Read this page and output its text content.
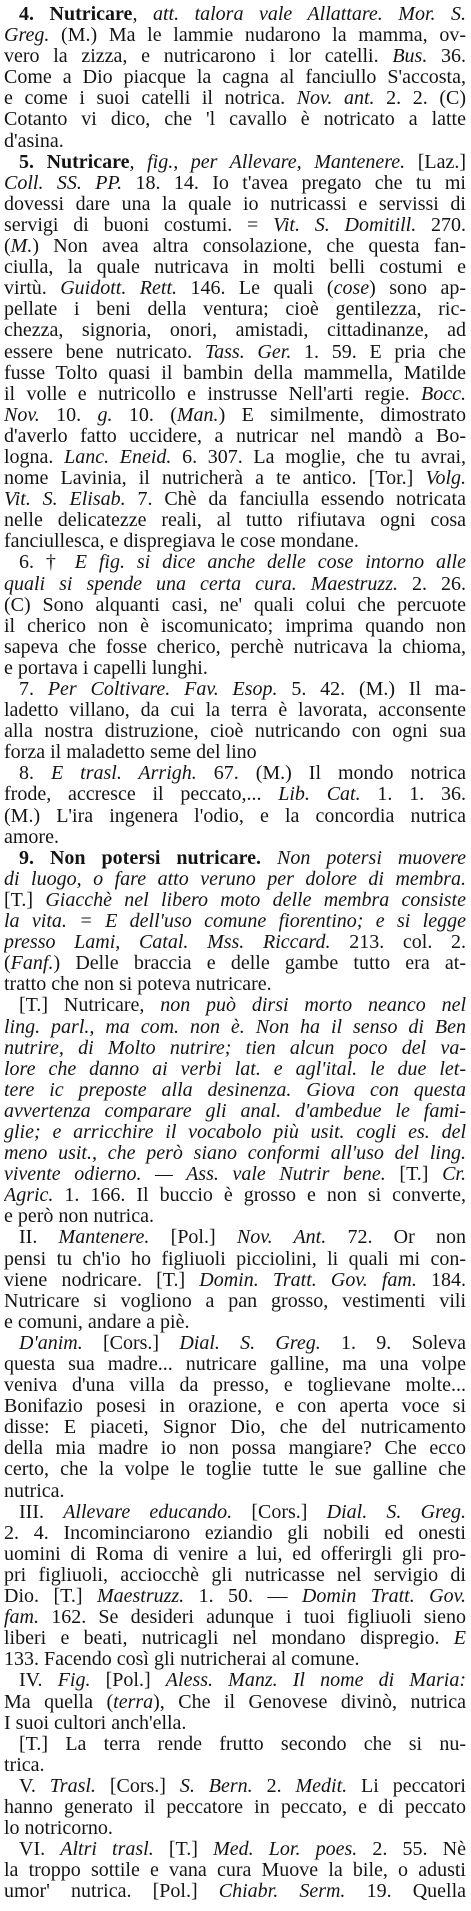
4. Nutricare, att. talora vale Allattare. Mor. S.
Greg. (M.) Ma le lammie nudarono la mamma, ov-
vero la zizza, e nutricarono i lor catelli. Bus. 36.
Come a Dio piacque la cagna al fanciullo S'accosta,
e come i suoi catelli il notrica. Nov. ant. 2. 2. (C)
Cotanto vi dico, che 'l cavallo è notricato a latte
d'asina.
5. Nutricare, fig., per Allevare, Mantenere. [Laz.]
Coll. SS. PP. 18. 14. Io t'avea pregato che tu mi
dovessi dare una la quale io nutricassi e servissi di
servigi di buoni costumi. = Vit. S. Domitill. 270.
(M.) Non avea altra consolazione, che questa fan-
ciulla, la quale nutricava in molti belli costumi e
virtù. Guidott. Rett. 146. Le quali (cose) sono ap-
pellate i beni della ventura; cioè gentilezza, ric-
chezza, signoria, onori, amistadi, cittadinanze, ad
essere bene nutricato. Tass. Ger. 1. 59. E pria che
fusse Tolto quasi il bambin della mammella, Matilde
il volle e nutricollo e instrusse Nell'arti regie. Bocc.
Nov. 10. g. 10. (Man.) E similmente, dimostrato
d'averlo fatto uccidere, a nutricar nel mandò a Bo-
logna. Lanc. Eneid. 6. 307. La moglie, che tu avrai,
nome Lavinia, il nutricherà a te antico. [Tor.] Volg.
Vit. S. Elisab. 7. Chè da fanciulla essendo notricata
nelle delicatezze reali, al tutto rifiutava ogni cosa
fanciullesca, e dispregiava le cose mondane.
6. † E fig. si dice anche delle cose intorno alle
quali si spende una certa cura. Maestruzz. 2. 26.
(C) Sono alquanti casi, ne' quali colui che percuote
il cherico non è iscomunicato; imprima quando non
sapeva che fosse cherico, perchè nutricava la chioma,
e portava i capelli lunghi.
7. Per Coltivare. Fav. Esop. 5. 42. (M.) Il ma-
ladetto villano, da cui la terra è lavorata, acconsente
alla nostra distruzione, cioè nutricando con ogni sua
forza il maladetto seme del lino
8. E trasl. Arrigh. 67. (M.) Il mondo notrica
frode, accresce il peccato,... Lib. Cat. 1. 1. 36.
(M.) L'ira ingenera l'odio, e la concordia nutrica
amore.
9. Non potersi nutricare. Non potersi muovere
di luogo, o fare atto veruno per dolore di membra.
[T.] Giacchè nel libero moto delle membra consiste
la vita. = E dell'uso comune fiorentino; e si legge
presso Lami, Catal. Mss. Riccard. 213. col. 2.
(Fanf.) Delle braccia e delle gambe tutto era at-
tratto che non si poteva nutricare.
[T.] Nutricare, non può dirsi morto neanco nel
ling. parl., ma com. non è. Non ha il senso di Ben
nutrire, di Molto nutrire; tien alcun poco del va-
lore che danno ai verbi lat. e agl'ital. le due let-
tere ic preposte alla desinenza. Giova con questa
avvertenza comparare gli anal. d'ambedue le fami-
glie; e arricchire il vocabolo più usit. cogli es. del
meno usit., che però siano conformi all'uso del ling.
vivente odierno. — Ass. vale Nutrir bene. [T.] Cr.
Agric. 1. 166. Il buccio è grosso e non si converte,
e però non nutrica.
II. Mantenere. [Pol.] Nov. Ant. 72. Or non
pensi tu ch'io ho figliuoli picciolini, li quali mi con-
viene nodricare. [T.] Domin. Tratt. Gov. fam. 184.
Nutricare si vogliono a pan grosso, vestimenti vili
e comuni, andare a piè.
D'anim. [Cors.] Dial. S. Greg. 1. 9. Soleva
questa sua madre... nutricare galline, ma una volpe
veniva d'una villa da presso, e toglievane molte...
Bonifazio posesi in orazione, e con aperta voce si
disse: E piaceti, Signor Dio, che del nutricamento
della mia madre io non possa mangiare? Che ecco
certo, che la volpe le toglie tutte le sue galline che
nutrica.
III. Allevare educando. [Cors.] Dial. S. Greg.
2. 4. Incominciarono eziandio gli nobili ed onesti
uomini di Roma di venire a lui, ed offerirgli gli pro-
pri figliuoli, acciocchè gli nutricasse nel servigio di
Dio. [T.] Maestruzz. 1. 50. — Domin Tratt. Gov.
fam. 162. Se desideri adunque i tuoi figliuoli sieno
liberi e beati, nutricagli nel mondano dispregio. E
133. Facendo così gli nutricherai al comune.
IV. Fig. [Pol.] Aless. Manz. Il nome di Maria:
Ma quella (terra), Che il Genovese divinò, nutrica
I suoi cultori anch'ella.
[T.] La terra rende frutto secondo che si nu-
trica.
V. Trasl. [Cors.] S. Bern. 2. Medit. Li peccatori
hanno generato il peccatore in peccato, e di peccato
lo notricorno.
VI. Altri trasl. [T.] Med. Lor. poes. 2. 55. Nè
la troppo sottile e vana cura Muove la bile, o adusti
umor' nutrica. [Pol.] Chiabr. Serm. 19. Quella
